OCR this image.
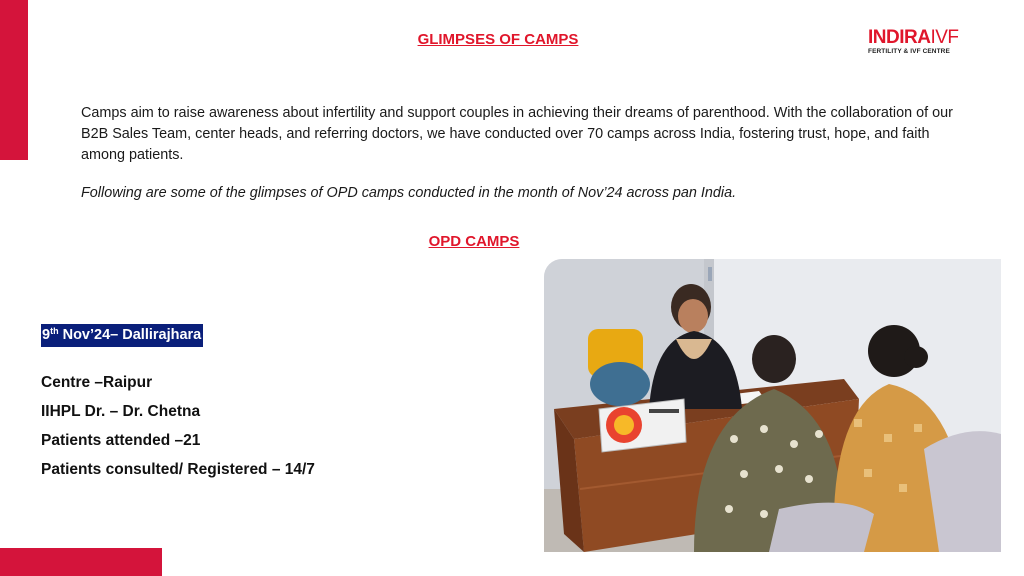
GLIMPSES OF CAMPS	INDIRAIVF
FERTILITY & IVF CENTRE
Camps aim to raise awareness about infertility and support couples in achieving their dreams of parenthood. With the collaboration of our B2B Sales Team, center heads, and referring doctors, we have conducted over 70 camps across India, fostering trust, hope, and faith among patients.
Following are some of the glimpses of OPD camps conducted in the month of Nov’24 across pan India.
OPD CAMPS
9th Nov’24– Dallirajhara
Centre –Raipur
IIHPL Dr. – Dr. Chetna
Patients attended –21
Patients consulted/ Registered – 14/7
